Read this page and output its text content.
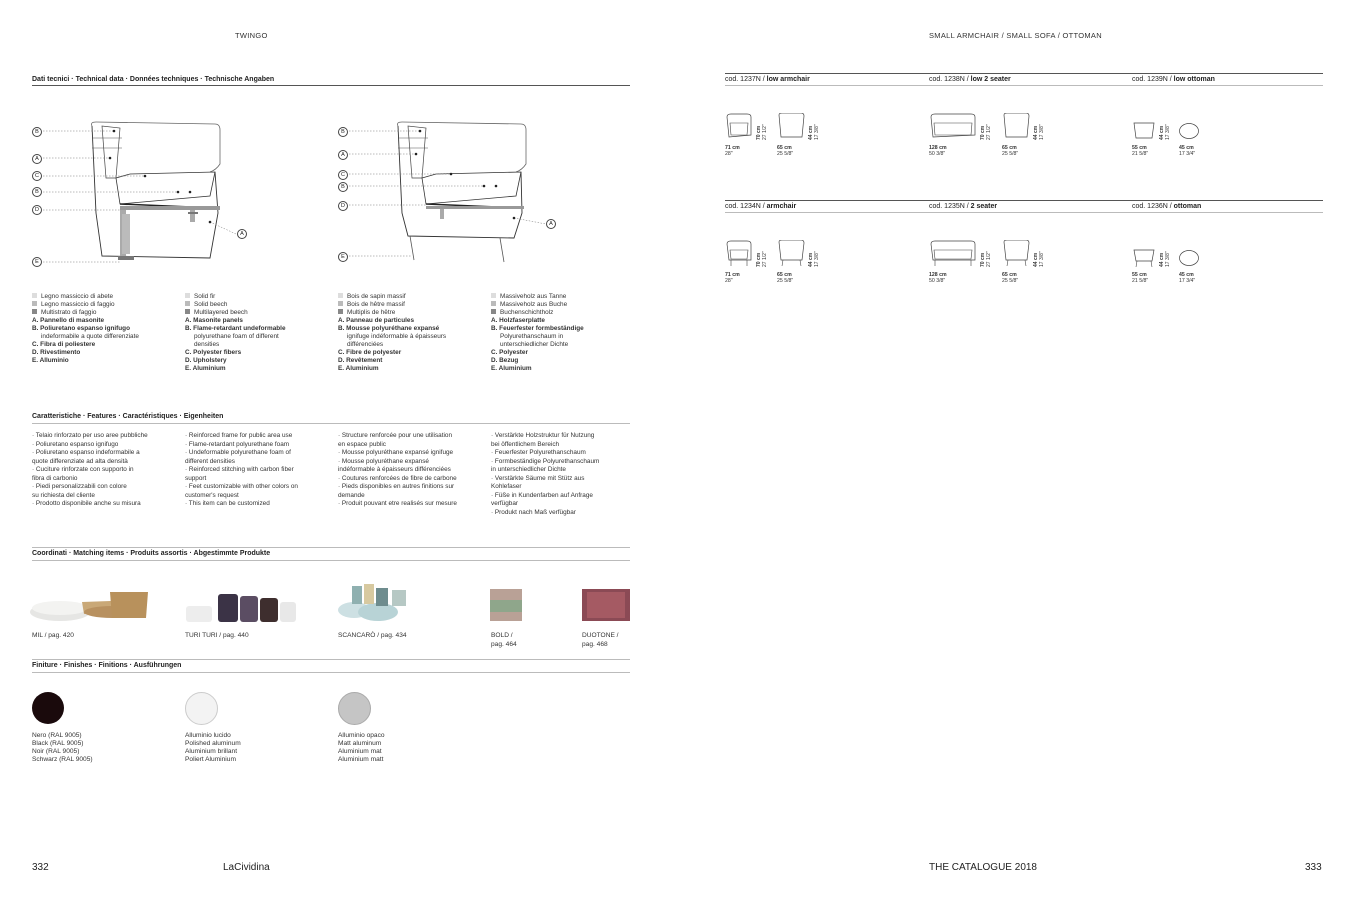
TWINGO	SMALL ARMCHAIR / SMALL SOFA / OTTOMAN
Dati tecnici · Technical data · Données techniques · Technische Angaben
B
A
C
B
D
E
A
B
A
C
B
D
E
A
Legno massiccio di abete
Legno massiccio di faggio
Multistrato di faggio
A. Pannello di masonite
B. Poliuretano espanso ignifugo
indeformabile a quote differenziate
C. Fibra di poliestere
D. Rivestimento
E. Alluminio
Solid fir
Solid beech
Multilayered beech
A. Masonite panels
B. Flame-retardant undeformable
polyurethane foam of different
densities
C. Polyester fibers
D. Upholstery
E. Aluminium
Bois de sapin massif
Bois de hêtre massif
Multiplis de hêtre
A. Panneau de particules
B. Mousse polyuréthane expansé
ignifuge indéformable à épaisseurs
différenciées
C. Fibre de polyester
D. Revêtement
E. Aluminium
Massiveholz aus Tanne
Massiveholz aus Buche
Buchenschichtholz
A. Holzfaserplatte
B. Feuerfester formbeständige
Polyurethanschaum in
unterschiedlicher Dichte
C. Polyester
D. Bezug
E. Aluminium
Caratteristiche · Features · Caractéristiques · Eigenheiten
· Telaio rinforzato per uso aree pubbliche
· Poliuretano espanso ignifugo
· Poliuretano espanso indeformabile a
quote differenziate ad alta densità
· Cuciture rinforzate con supporto in
fibra di carbonio
· Piedi personalizzabili con colore
su richiesta del cliente
· Prodotto disponibile anche su misura
· Reinforced frame for public area use
· Flame-retardant polyurethane foam
· Undeformable polyurethane foam of
different densities
· Reinforced stitching with carbon fiber
support
· Feet customizable with other colors on
customer's request
· This item can be customized
· Structure renforcée pour une utilisation
en espace public
· Mousse polyuréthane expansé ignifuge
· Mousse polyuréthane expansé
indéformable à épaisseurs différenciées
· Coutures renforcées de fibre de carbone
· Pieds disponibles en autres finitions sur
demande
· Produit pouvant etre realisés sur mesure
· Verstärkte Holzstruktur für Nutzung
bei öffentlichem Bereich
· Feuerfester Polyurethanschaum
· Formbeständige Polyurethanschaum
in unterschiedlicher Dichte
· Verstärkte Säume mit Stütz aus
Kohlefaser
· Füße in Kundenfarben auf Anfrage
verfügbar
· Produkt nach Maß verfügbar
Coordinati · Matching items · Produits assortis · Abgestimmte Produkte
MIL / pag. 420	TURI TURI / pag. 440	SCANCARÒ / pag. 434	BOLD /
pag. 464
DUOTONE /
pag. 468
Finiture · Finishes · Finitions · Ausführungen
Nero (RAL 9005)
Black (RAL 9005)
Noir (RAL 9005)
Schwarz (RAL 9005)
Alluminio lucido
Polished aluminum
Aluminium brillant
Poliert Aluminium
Alluminio opaco
Matt aluminum
Aluminium mat
Aluminium matt
cod. 1237N / low armchair	cod. 1238N / low 2 seater	cod. 1239N / low ottoman
cod. 1234N / armchair	cod. 1235N / 2 seater	cod. 1236N / ottoman
70 cm
27 1/2"	44 cm
17 3/8"	70 cm
27 1/2"	44 cm
17 3/8"	44 cm
17 3/8"
71 cm
28"
65 cm
25 5/8"
128 cm
50 3/8"
65 cm
25 5/8"
55 cm
21 5/8"
45 cm
17 3/4"
70 cm
27 1/2"	44 cm
17 3/8"	70 cm
27 1/2"	44 cm
17 3/8"	44 cm
17 3/8"
71 cm
28"
65 cm
25 5/8"
128 cm
50 3/8"
65 cm
25 5/8"
55 cm
21 5/8"
45 cm
17 3/4"
332	LaCividina	THE CATALOGUE 2018	333
